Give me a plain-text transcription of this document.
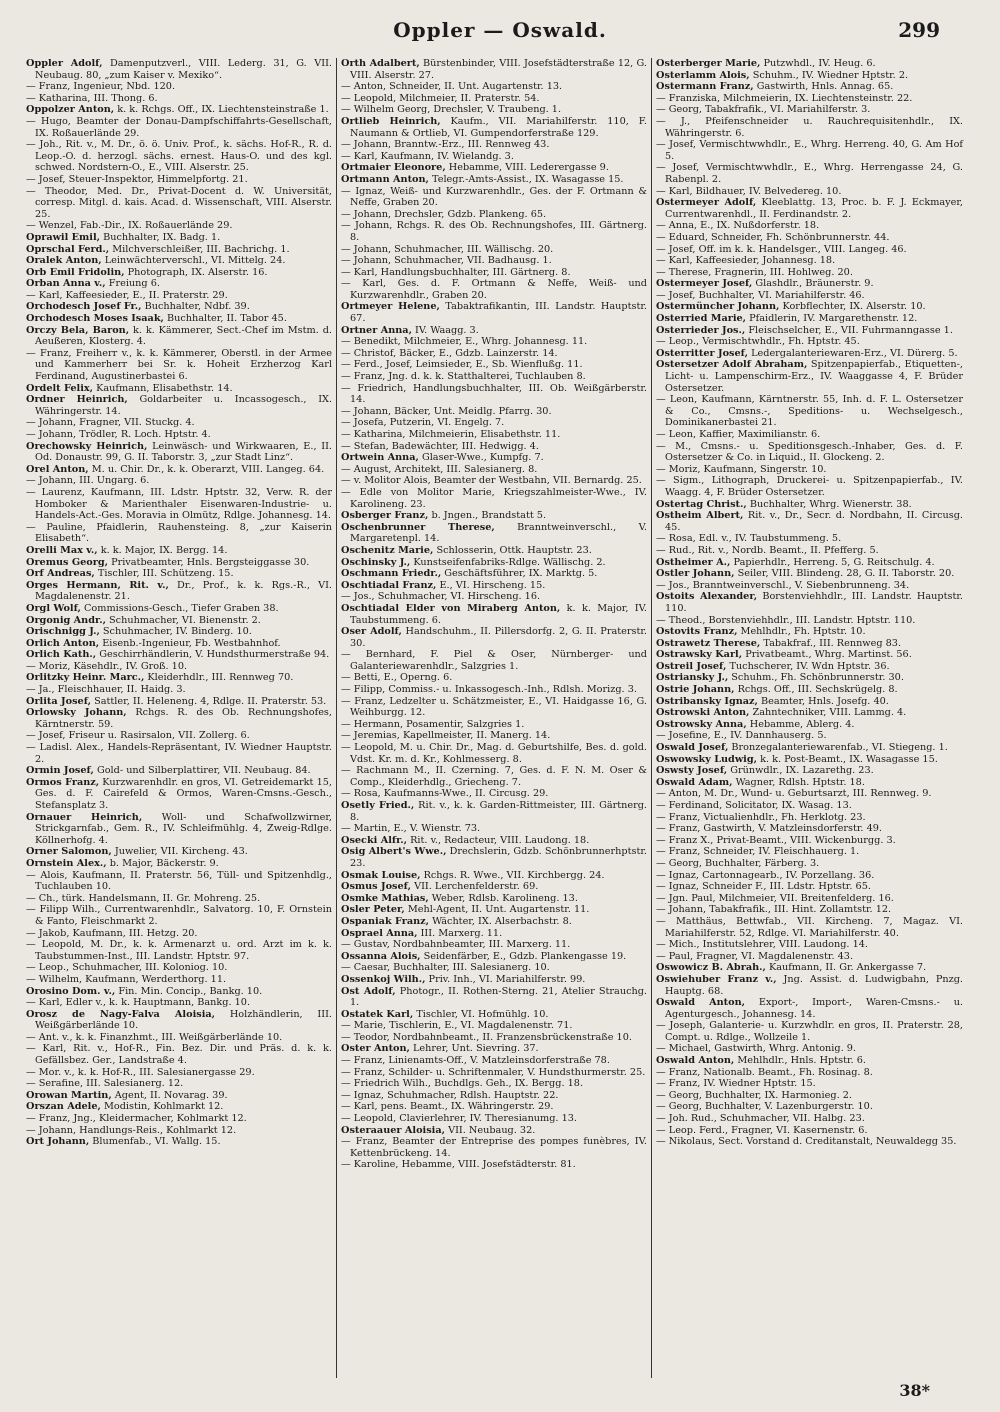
Oppler — Oswald.	299
Oppler Adolf, Damenputzverl., VIII. Lederg. 31, G. VII. Neubaug. 80, „zum Kaiser v. Mexiko“.
— Franz, Ingenieur, Nbd. 120.
— Katharina, III. Thong. 6.
Oppolzer Anton, k. k. Rchgs. Off., IX. Liechtensteinstraße 1.
— Hugo, Beamter der Donau-Dampfschiffahrts-Gesellschaft, IX. Roßauerlände 29.
— Joh., Rit. v., M. Dr., ö. ö. Univ. Prof., k. sächs. Hof-R., R. d. Leop.-O. d. herzogl. sächs. ernest. Haus-O. und des kgl. schwed. Nordstern-O., E., VIII. Alserstr. 25.
— Josef, Steuer-Inspektor, Himmelpfortg. 21.
— Theodor, Med. Dr., Privat-Docent d. W. Universität, corresp. Mitgl. d. kais. Acad. d. Wissenschaft, VIII. Alserstr. 25.
— Wenzel, Fab.-Dir., IX. Roßauerlände 29.
Oprawil Emil, Buchhalter, IX. Badg. 1.
Oprschal Ferd., Milchverschleißer, III. Bachrichg. 1.
Oralek Anton, Leinwächterverschl., VI. Mittelg. 24.
Orb Emil Fridolin, Photograph, IX. Alserstr. 16.
Orban Anna v., Freiung 6.
— Karl, Kaffeesieder, E., II. Praterstr. 29.
Orchodesch Josef Fr., Buchhalter, Ndbf. 39.
Orchodesch Moses Isaak, Buchhalter, II. Tabor 45.
Orczy Bela, Baron, k. k. Kämmerer, Sect.-Chef im Mstm. d. Aeußeren, Klosterg. 4.
— Franz, Freiherr v., k. k. Kämmerer, Oberstl. in der Armee und Kammerherr bei Sr. k. Hoheit Erzherzog Karl Ferdinand, Augustinerbastei 6.
Ordelt Felix, Kaufmann, Elisabethstr. 14.
Ordner Heinrich, Goldarbeiter u. Incassogesch., IX. Währingerstr. 14.
— Johann, Fragner, VII. Stuckg. 4.
— Johann, Trödler, R. Loch. Hptstr. 4.
Orechowsky Heinrich, Leinwäsch- und Wirkwaaren, E., II. Od. Donaustr. 99, G. II. Taborstr. 3, „zur Stadt Linz“.
Orel Anton, M. u. Chir. Dr., k. k. Oberarzt, VIII. Langeg. 64.
— Johann, III. Ungarg. 6.
— Laurenz, Kaufmann, III. Ldstr. Hptstr. 32, Verw. R. der Homboker & Marienthaler Eisenwaren-Industrie- u. Handels-Act.-Ges. Moravia in Olmütz, Rdlge. Johannesg. 14.
— Pauline, Pfaidlerin, Rauhensteing. 8, „zur Kaiserin Elisabeth“.
Orelli Max v., k. k. Major, IX. Bergg. 14.
Oremus Georg, Privatbeamter, Hnls. Bergsteiggasse 30.
Orf Andreas, Tischler, III. Schützeng. 15.
Orges Hermann, Rit. v., Dr., Prof., k. k. Rgs.-R., VI. Magdalenenstr. 21.
Orgl Wolf, Commissions-Gesch., Tiefer Graben 38.
Orgonig Andr., Schuhmacher, VI. Bienenstr. 2.
Orischnigg J., Schuhmacher, IV. Binderg. 10.
Orlich Anton, Eisenb.-Ingenieur, Fb. Westbahnhof.
Orlich Kath., Geschirrhändlerin, V. Hundsthurmerstraße 94.
— Moriz, Käsehdlr., IV. Groß. 10.
Orlitzky Heinr. Marc., Kleiderhdlr., III. Rennweg 70.
— Ja., Fleischhauer, II. Haidg. 3.
Orlita Josef, Sattler, II. Heleneng. 4, Rdlge. II. Praterstr. 53.
Orlowsky Johann, Rchgs. R. des Ob. Rechnungshofes, Kärntnerstr. 59.
— Josef, Friseur u. Rasirsalon, VII. Zollerg. 6.
— Ladisl. Alex., Handels-Repräsentant, IV. Wiedner Hauptstr. 2.
Ormin Josef, Gold- und Silberplattirer, VII. Neubaug. 84.
Ormos Franz, Kurzwarenhdlr. en gros, VI. Getreidemarkt 15, Ges. d. F. Cairefeld & Ormos, Waren-Cmsns.-Gesch., Stefansplatz 3.
Ornauer Heinrich, Woll- und Schafwollzwirner, Strickgarnfab., Gem. R., IV. Schleifmühlg. 4, Zweig-Rdlge. Köllnerhofg. 4.
Orner Salomon, Juwelier, VII. Kircheng. 43.
Ornstein Alex., b. Major, Bäckerstr. 9.
— Alois, Kaufmann, II. Praterstr. 56, Tüll- und Spitzenhdlg., Tuchlauben 10.
— Ch., türk. Handelsmann, II. Gr. Mohreng. 25.
— Filipp Wilh., Currentwarenhdlr., Salvatorg. 10, F. Ornstein & Fanto, Fleischmarkt 2.
— Jakob, Kaufmann, III. Hetzg. 20.
— Leopold, M. Dr., k. k. Armenarzt u. ord. Arzt im k. k. Taubstummen-Inst., III. Landstr. Hptstr. 97.
— Leop., Schuhmacher, III. Koloniog. 10.
— Wilhelm, Kaufmann, Werderthorg. 11.
Orosino Dom. v., Fin. Min. Concip., Bankg. 10.
— Karl, Edler v., k. k. Hauptmann, Bankg. 10.
Orosz de Nagy-Falva Aloisia, Holzhändlerin, III. Weißgärberlände 10.
— Ant. v., k. k. Finanzhmt., III. Weißgärberlände 10.
— Karl, Rit. v., Hof-R., Fin. Bez. Dir. und Präs. d. k. k. Gefällsbez. Ger., Landstraße 4.
— Mor. v., k. k. Hof-R., III. Salesianergasse 29.
— Serafine, III. Salesianerg. 12.
Orowan Martin, Agent, II. Novarag. 39.
Orszan Adele, Modistin, Kohlmarkt 12.
— Franz, Jng., Kleidermacher, Kohlmarkt 12.
— Johann, Handlungs-Reis., Kohlmarkt 12.
Ort Johann, Blumenfab., VI. Wallg. 15.
Orth Adalbert, Bürstenbinder, VIII. Josefstädterstraße 12, G. VIII. Alserstr. 27.
— Anton, Schneider, II. Unt. Augartenstr. 13.
— Leopold, Milchmeier, II. Praterstr. 54.
— Wilhelm Georg, Drechsler, V. Traubeng. 1.
Ortlieb Heinrich, Kaufm., VII. Mariahilferstr. 110, F. Naumann & Ortlieb, VI. Gumpendorferstraße 129.
— Johann, Branntw.-Erz., III. Rennweg 43.
— Karl, Kaufmann, IV. Wielandg. 3.
Ortmaier Eleonore, Hebamme, VIII. Lederergasse 9.
Ortmann Anton, Telegr.-Amts-Assist., IX. Wasagasse 15.
— Ignaz, Weiß- und Kurzwarenhdlr., Ges. der F. Ortmann & Neffe, Graben 20.
— Johann, Drechsler, Gdzb. Plankeng. 65.
— Johann, Rchgs. R. des Ob. Rechnungshofes, III. Gärtnerg. 8.
— Johann, Schuhmacher, III. Wällischg. 20.
— Johann, Schuhmacher, VII. Badhausg. 1.
— Karl, Handlungsbuchhalter, III. Gärtnerg. 8.
— Karl, Ges. d. F. Ortmann & Neffe, Weiß- und Kurzwarenhdlr., Graben 20.
Ortmeyer Helene, Tabaktrafikantin, III. Landstr. Hauptstr. 67.
Ortner Anna, IV. Waagg. 3.
— Benedikt, Milchmeier, E., Whrg. Johannesg. 11.
— Christof, Bäcker, E., Gdzb. Lainzerstr. 14.
— Ferd., Josef, Leimsieder, E., Sb. Wienflußg. 11.
— Franz, Jng. d. k. k. Statthalterei, Tuchlauben 8.
— Friedrich, Handlungsbuchhalter, III. Ob. Weißgärberstr. 14.
— Johann, Bäcker, Unt. Meidlg. Pfarrg. 30.
— Josefa, Putzerin, VI. Engelg. 7.
— Katharina, Milchmeierin, Elisabethstr. 11.
— Stefan, Badewächter, III. Hedwigg. 4.
Ortwein Anna, Glaser-Wwe., Kumpfg. 7.
— August, Architekt, III. Salesianerg. 8.
— v. Molitor Alois, Beamter der Westbahn, VII. Bernardg. 25.
— Edle von Molitor Marie, Kriegszahlmeister-Wwe., IV. Karolineng. 23.
Osberger Franz, b. Jngen., Brandstatt 5.
Oschenbrunner Therese, Branntweinverschl., V. Margaretenpl. 14.
Oschenitz Marie, Schlosserin, Ottk. Hauptstr. 23.
Oschinsky J., Kunstseifenfabriks-Rdlge. Wällischg. 2.
Oschmann Friedr., Geschäftsführer, IX. Marktg. 5.
Oschtiadal Franz, E., VI. Hirscheng. 15.
— Jos., Schuhmacher, VI. Hirscheng. 16.
Oschtiadal Elder von Miraberg Anton, k. k. Major, IV. Taubstummeng. 6.
Oser Adolf, Handschuhm., II. Pillersdorfg. 2, G. II. Praterstr. 30.
— Bernhard, F. Piel & Oser, Nürnberger- und Galanteriewarenhdlr., Salzgries 1.
— Betti, E., Operng. 6.
— Filipp, Commiss.- u. Inkassogesch.-Inh., Rdlsh. Morizg. 3.
— Franz, Ledzelter u. Schätzmeister, E., VI. Haidgasse 16, G. Weihburgg. 12.
— Hermann, Posamentir, Salzgries 1.
— Jeremias, Kapellmeister, II. Manerg. 14.
— Leopold, M. u. Chir. Dr., Mag. d. Geburtshilfe, Bes. d. gold. Vdst. Kr. m. d. Kr., Kohlmesserg. 8.
— Rachmann M., II. Czerning. 7, Ges. d. F. N. M. Oser & Comp., Kleiderhdlg., Griecheng. 7.
— Rosa, Kaufmanns-Wwe., II. Circusg. 29.
Osetly Fried., Rit. v., k. k. Garden-Rittmeister, III. Gärtnerg. 8.
— Martin, E., V. Wienstr. 73.
Osecki Alfr., Rit. v., Redacteur, VIII. Laudong. 18.
Osig Albert's Wwe., Drechslerin, Gdzb. Schönbrunnerhptstr. 23.
Osmak Louise, Rchgs. R. Wwe., VII. Kirchbergg. 24.
Osmus Josef, VII. Lerchenfelderstr. 69.
Osmke Mathias, Weber, Rdlsb. Karolineng. 13.
Osler Peter, Mehl-Agent, II. Unt. Augartenstr. 11.
Ospaniak Franz, Wächter, IX. Alserbachstr. 8.
Osprael Anna, III. Marxerg. 11.
— Gustav, Nordbahnbeamter, III. Marxerg. 11.
Ossanna Alois, Seidenfärber, E., Gdzb. Plankengasse 19.
— Caesar, Buchhalter, III. Salesianerg. 10.
Ossenkoj Wilh., Priv. Inh., VI. Mariahilferstr. 99.
Ost Adolf, Photogr., II. Rothen-Sterng. 21, Atelier Strauchg. 1.
Ostatek Karl, Tischler, VI. Hofmühlg. 10.
— Marie, Tischlerin, E., VI. Magdalenenstr. 71.
— Teodor, Nordbahnbeamt., II. Franzensbrückenstraße 10.
Oster Anton, Lehrer, Unt. Sievring. 37.
— Franz, Linienamts-Off., V. Matzleinsdorferstraße 78.
— Franz, Schilder- u. Schriftenmaler, V. Hundsthurmerstr. 25.
— Friedrich Wilh., Buchdlgs. Geh., IX. Bergg. 18.
— Ignaz, Schuhmacher, Rdlsh. Hauptstr. 22.
— Karl, pens. Beamt., IX. Währingerstr. 29.
— Leopold, Clavierlehrer, IV. Theresianumg. 13.
Osteraauer Aloisia, VII. Neubaug. 32.
— Franz, Beamter der Entreprise des pompes funèbres, IV. Kettenbrückeng. 14.
— Karoline, Hebamme, VIII. Josefstädterstr. 81.
Osterberger Marie, Putzwhdl., IV. Heug. 6.
Osterlamm Alois, Schuhm., IV. Wiedner Hptstr. 2.
Ostermann Franz, Gastwirth, Hnls. Annag. 65.
— Franziska, Milchmeierin, IX. Liechtensteinstr. 22.
— Georg, Tabakfrafik., VI. Mariahilferstr. 3.
— J., Pfeifenschneider u. Rauchrequisitenhdlr., IX. Währingerstr. 6.
— Josef, Vermischtwwhdlr., E., Whrg. Herreng. 40, G. Am Hof 5.
— Josef, Vermischtwwhdlr., E., Whrg. Herrengasse 24, G. Rabenpl. 2.
— Karl, Bildhauer, IV. Belvedereg. 10.
Ostermeyer Adolf, Kleeblattg. 13, Proc. b. F. J. Eckmayer, Currentwarenhdl., II. Ferdinandstr. 2.
— Anna, E., IX. Nußdorferstr. 18.
— Eduard, Schneider, Fh. Schönbrunnerstr. 44.
— Josef, Off. im k. k. Handelsger., VIII. Langeg. 46.
— Karl, Kaffeesieder, Johannesg. 18.
— Therese, Fragnerin, III. Hohlweg. 20.
Ostermeyer Josef, Glashdlr., Bräunerstr. 9.
— Josef, Buchhalter, VI. Mariahilferstr. 46.
Ostermüncher Johann, Korbflechter, IX. Alserstr. 10.
Osterried Marie, Pfaidlerin, IV. Margarethenstr. 12.
Osterrieder Jos., Fleischselcher, E., VII. Fuhrmanngasse 1.
— Leop., Vermischtwhdlr., Fh. Hptstr. 45.
Osterritter Josef, Ledergalanteriewaren-Erz., VI. Dürerg. 5.
Ostersetzer Adolf Abraham, Spitzenpapierfab., Etiquetten-, Licht- u. Lampenschirm-Erz., IV. Waaggasse 4, F. Brüder Ostersetzer.
— Leon, Kaufmann, Kärntnerstr. 55, Inh. d. F. L. Ostersetzer & Co., Cmsns.-, Speditions- u. Wechselgesch., Dominikanerbastei 21.
— Leon, Kaffier, Maximilianstr. 6.
— M., Cmsns.- u. Speditionsgesch.-Inhaber, Ges. d. F. Ostersetzer & Co. in Liquid., II. Glockeng. 2.
— Moriz, Kaufmann, Singerstr. 10.
— Sigm., Lithograph, Druckerei- u. Spitzenpapierfab., IV. Waagg. 4, F. Brüder Ostersetzer.
Ostertag Christ., Buchhalter, Whrg. Wienerstr. 38.
Ostheim Albert, Rit. v., Dr., Secr. d. Nordbahn, II. Circusg. 45.
— Rosa, Edl. v., IV. Taubstummeng. 5.
— Rud., Rit. v., Nordb. Beamt., II. Pfefferg. 5.
Ostheimer A., Papierhdlr., Herreng. 5, G. Reitschulg. 4.
Ostler Johann, Seiler, VIII. Blindeng. 28, G. II. Taborstr. 20.
— Jos., Branntweinverschl., V. Siebenbrunneng. 34.
Ostoits Alexander, Borstenviehhdlr., III. Landstr. Hauptstr. 110.
— Theod., Borstenviehhdlr., III. Landstr. Hptstr. 110.
Ostovits Franz, Mehlhdlr., Fh. Hptstr. 10.
Ostrawetz Therese, Tabakfraf., III. Rennweg 83.
Ostrawsky Karl, Privatbeamt., Whrg. Martinst. 56.
Ostreil Josef, Tuchscherer, IV. Wdn Hptstr. 36.
Ostriansky J., Schuhm., Fh. Schönbrunnerstr. 30.
Ostrie Johann, Rchgs. Off., III. Sechskrügelg. 8.
Ostribansky Ignaz, Beamter, Hnls. Josefg. 40.
Ostrowski Anton, Zahntechniker, VIII. Lammg. 4.
Ostrowsky Anna, Hebamme, Ablerg. 4.
— Josefine, E., IV. Dannhauserg. 5.
Oswald Josef, Bronzegalanteriewarenfab., VI. Stiegeng. 1.
Oswowsky Ludwig, k. k. Post-Beamt., IX. Wasagasse 15.
Oswsty Josef, Grünwdlr., IX. Lazarethg. 23.
Oswald Adam, Wagner, Rdlsh. Hptstr. 18.
— Anton, M. Dr., Wund- u. Geburtsarzt, III. Rennweg. 9.
— Ferdinand, Solicitator, IX. Wasag. 13.
— Franz, Victualienhdlr., Fh. Herklotg. 23.
— Franz, Gastwirth, V. Matzleinsdorferstr. 49.
— Franz X., Privat-Beamt., VIII. Wickenburgg. 3.
— Franz, Schneider, IV. Fleischhauerg. 1.
— Georg, Buchhalter, Färberg. 3.
— Ignaz, Cartonnagearb., IV. Porzellang. 36.
— Ignaz, Schneider F., III. Ldstr. Hptstr. 65.
— Jgn. Paul, Milchmeier, VII. Breitenfelderg. 16.
— Johann, Tabakfrafik., III. Hint. Zollamtstr. 12.
— Matthäus, Bettwfab., VII. Kircheng. 7, Magaz. VI. Mariahilferstr. 52, Rdlge. VI. Mariahilferstr. 40.
— Mich., Institutslehrer, VIII. Laudong. 14.
— Paul, Fragner, VI. Magdalenenstr. 43.
Oswowicz B. Abrah., Kaufmann, II. Gr. Ankergasse 7.
Oswiehuber Franz v., Jng. Assist. d. Ludwigbahn, Pnzg. Hauptg. 68.
Oswald Anton, Export-, Import-, Waren-Cmsns.- u. Agenturgesch., Johannesg. 14.
— Joseph, Galanterie- u. Kurzwhdlr. en gros, II. Praterstr. 28, Compt. u. Rdlge., Wollzeile 1.
— Michael, Gastwirth, Whrg. Antonig. 9.
Oswald Anton, Mehlhdlr., Hnls. Hptstr. 6.
— Franz, Nationalb. Beamt., Fh. Rosinag. 8.
— Franz, IV. Wiedner Hptstr. 15.
— Georg, Buchhalter, IX. Harmonieg. 2.
— Georg, Buchhalter, V. Lazenburgerstr. 10.
— Joh. Rud., Schuhmacher, VII. Halbg. 23.
— Leop. Ferd., Fragner, VI. Kasernenstr. 6.
— Nikolaus, Sect. Vorstand d. Creditanstalt, Neuwaldegg 35.
38*
